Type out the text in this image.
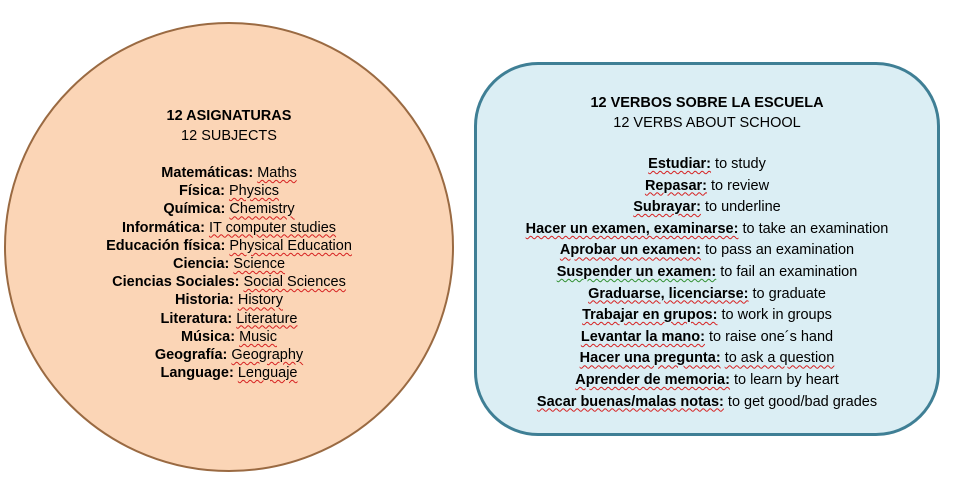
12 ASIGNATURAS
12 SUBJECTS
Matemáticas: Maths
Física: Physics
Química: Chemistry
Informática: IT computer studies
Educación física: Physical Education
Ciencia: Science
Ciencias Sociales: Social Sciences
Historia: History
Literatura: Literature
Música: Music
Geografía: Geography
Language: Lenguaje
12 VERBOS SOBRE LA ESCUELA
12 VERBS ABOUT SCHOOL
Estudiar: to study
Repasar: to review
Subrayar: to underline
Hacer un examen, examinarse: to take an examination
Aprobar un examen: to pass an examination
Suspender un examen: to fail an examination
Graduarse, licenciarse: to graduate
Trabajar en grupos: to work in groups
Levantar la mano: to raise one´s hand
Hacer una pregunta: to ask a question
Aprender de memoria: to learn by heart
Sacar buenas/malas notas: to get good/bad grades
